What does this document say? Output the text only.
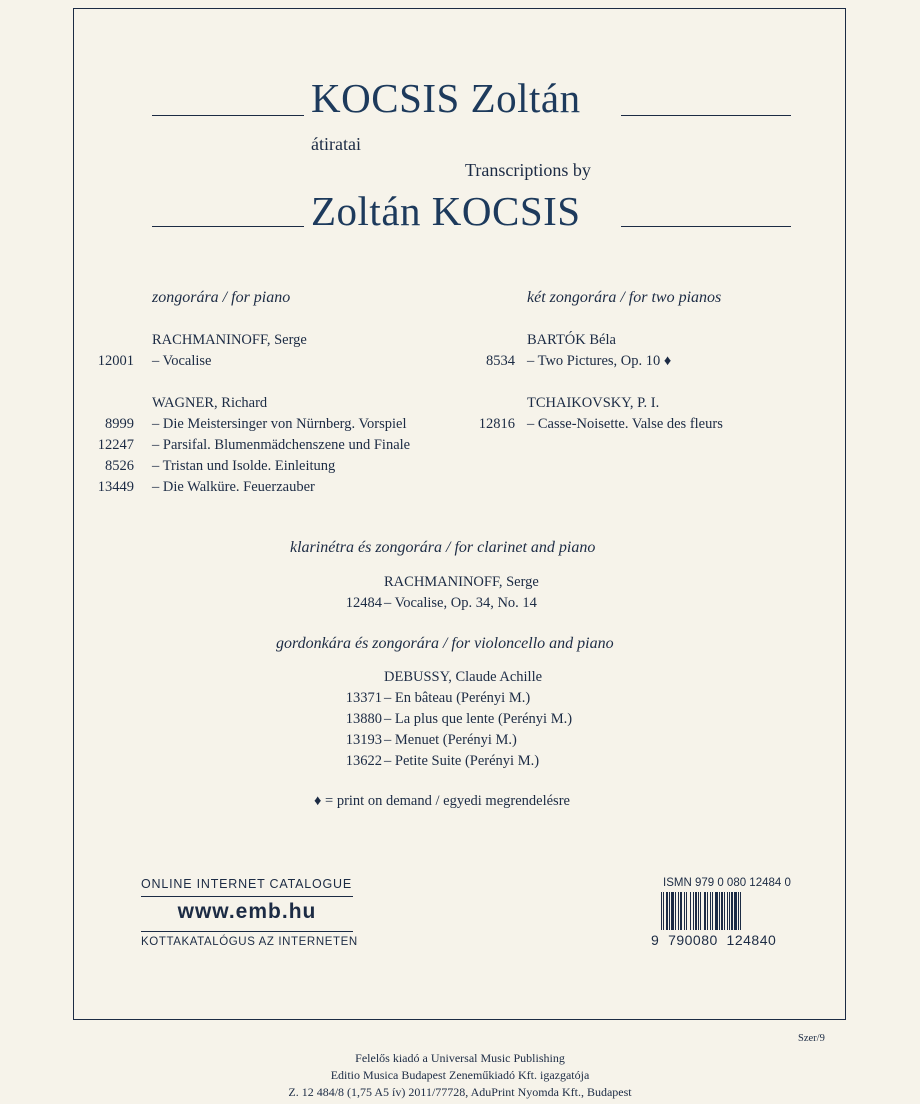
KOCSIS Zoltán
átiratai
Transcriptions by
Zoltán KOCSIS
zongorára / for piano
RACHMANINOFF, Serge
12001 – Vocalise
WAGNER, Richard
8999 – Die Meistersinger von Nürnberg. Vorspiel
12247 – Parsifal. Blumenmädchenszene und Finale
8526 – Tristan und Isolde. Einleitung
13449 – Die Walküre. Feuerzauber
két zongorára / for two pianos
BARTÓK Béla
8534 – Two Pictures, Op. 10 ♦
TCHAIKOVSKY, P. I.
12816 – Casse-Noisette. Valse des fleurs
klarinétra és zongorára / for clarinet and piano
RACHMANINOFF, Serge
12484 – Vocalise, Op. 34, No. 14
gordonkára és zongorára / for violoncello and piano
DEBUSSY, Claude Achille
13371 – En bâteau (Perényi M.)
13880 – La plus que lente (Perényi M.)
13193 – Menuet (Perényi M.)
13622 – Petite Suite (Perényi M.)
♦ = print on demand / egyedi megrendelésre
ONLINE INTERNET CATALOGUE
www.emb.hu
KOTTAKATALÓGUS AZ INTERNETEN
ISMN 979 0 080 12484 0
9  790080  124840
Szer/9
Felelős kiadó a Universal Music Publishing
Editio Musica Budapest Zeneműkiadó Kft. igazgatója
Z. 12 484/8 (1,75 A5 ív) 2011/77728, AduPrint Nyomda Kft., Budapest
